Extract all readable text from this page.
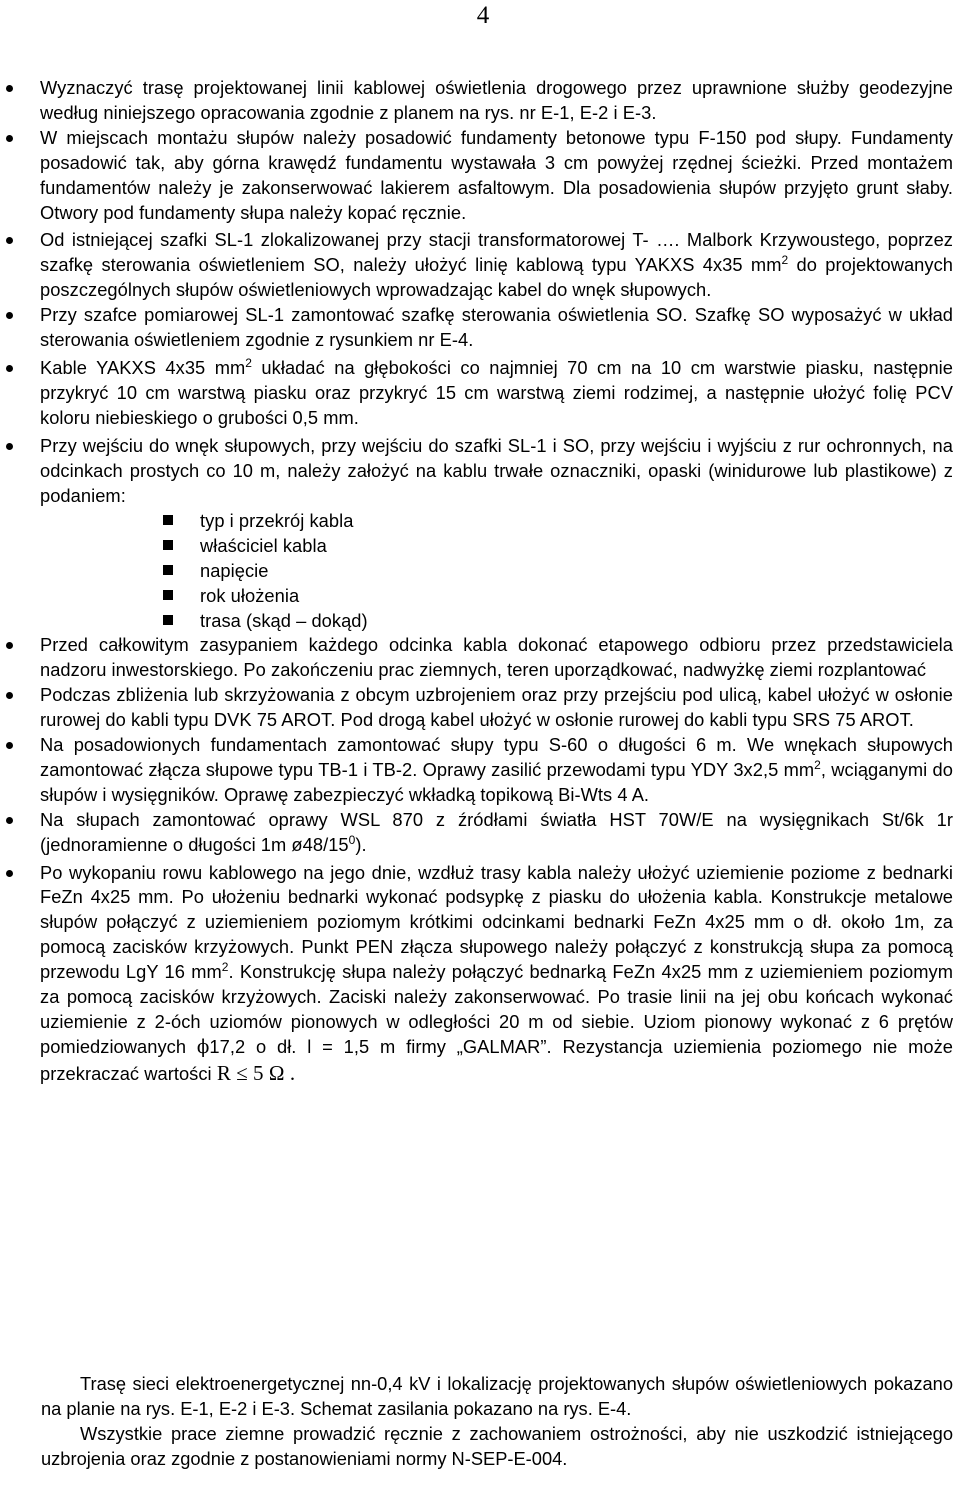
4
Wyznaczyć trasę projektowanej linii kablowej oświetlenia drogowego przez uprawnione służby geodezyjne według niniejszego opracowania zgodnie z planem na rys. nr E-1, E-2 i E-3.
W miejscach montażu słupów należy posadowić fundamenty betonowe typu F-150 pod słupy. Fundamenty posadowić tak, aby górna krawędź fundamentu wystawała 3 cm powyżej rzędnej ścieżki. Przed montażem fundamentów należy je zakonserwować lakierem asfaltowym. Dla posadowienia słupów przyjęto grunt słaby. Otwory pod fundamenty słupa należy kopać ręcznie.
Od istniejącej szafki SL-1 zlokalizowanej przy stacji transformatorowej T- …. Malbork Krzywoustego, poprzez szafkę sterowania oświetleniem SO, należy ułożyć linię kablową typu YAKXS 4x35 $mm^2$ do projektowanych poszczególnych słupów oświetleniowych wprowadzając kabel do wnęk słupowych.
Przy szafce pomiarowej SL-1 zamontować szafkę sterowania oświetlenia SO. Szafkę SO wyposażyć w układ sterowania oświetleniem zgodnie z rysunkiem nr E-4.
Kable YAKXS 4x35 $mm^2$ układać na głębokości co najmniej 70 cm na 10 cm warstwie piasku, następnie przykryć 10 cm warstwą piasku oraz przykryć 15 cm warstwą ziemi rodzimej, a następnie ułożyć folię PCV koloru niebieskiego o grubości 0,5 mm.
Przy wejściu do wnęk słupowych, przy wejściu do szafki SL-1 i SO, przy wejściu i wyjściu z rur ochronnych, na odcinkach prostych co 10 m, należy założyć na kablu trwałe oznaczniki, opaski (winidurowe lub plastikowe) z podaniem:
typ i przekrój kabla
właściciel kabla
napięcie
rok ułożenia
trasa (skąd – dokąd)
Przed całkowitym zasypaniem każdego odcinka kabla dokonać etapowego odbioru przez przedstawiciela nadzoru inwestorskiego. Po zakończeniu prac ziemnych, teren uporządkować, nadwyżkę ziemi rozplantować
Podczas zbliżenia lub skrzyżowania z obcym uzbrojeniem oraz przy przejściu pod ulicą, kabel ułożyć w osłonie rurowej do kabli typu DVK 75 AROT. Pod drogą kabel ułożyć w osłonie rurowej do kabli typu SRS 75 AROT.
Na posadowionych fundamentach zamontować słupy typu S-60 o długości 6 m. We wnękach słupowych zamontować złącza słupowe typu TB-1 i TB-2. Oprawy zasilić przewodami typu YDY 3x2,5 $mm^2$, wciąganymi do słupów i wysięgników. Oprawę zabezpieczyć wkładką topikową Bi-Wts 4 A.
Na słupach zamontować oprawy WSL 870 z źródłami światła HST 70W/E na wysięgnikach St/6k 1r (jednoramienne o długości 1m $ø48/15^0$).
Po wykopaniu rowu kablowego na jego dnie, wzdłuż trasy kabla należy ułożyć uziemienie poziome z bednarki FeZn 4x25 mm. Po ułożeniu bednarki wykonać podsypkę z piasku do ułożenia kabla. Konstrukcje metalowe słupów połączyć z uziemieniem poziomym krótkimi odcinkami bednarki FeZn 4x25 mm o dł. około 1m, za pomocą zacisków krzyżowych. Punkt PEN złącza słupowego należy połączyć z konstrukcją słupa za pomocą przewodu LgY 16 $mm^2$. Konstrukcję słupa należy połączyć bednarką FeZn 4x25 mm z uziemieniem poziomym za pomocą zacisków krzyżowych. Zaciski należy zakonserwować. Po trasie linii na jej obu końcach wykonać uziemienie z 2-óch uziomów pionowych w odległości 20 m od siebie. Uziom pionowy wykonać z 6 prętów pomiedziowanych ϕ17,2 o dł. l = 1,5 m firmy „GALMAR”. Rezystancja uziemienia poziomego nie może przekraczać wartości R ≤ 5 Ω .

Trasę sieci elektroenergetycznej nn-0,4 kV i lokalizację projektowanych słupów oświetleniowych pokazano na planie na rys. E-1, E-2 i E-3. Schemat zasilania pokazano na rys. E-4.

Wszystkie prace ziemne prowadzić ręcznie z zachowaniem ostrożności, aby nie uszkodzić istniejącego uzbrojenia oraz zgodnie z postanowieniami normy N-SEP-E-004.
